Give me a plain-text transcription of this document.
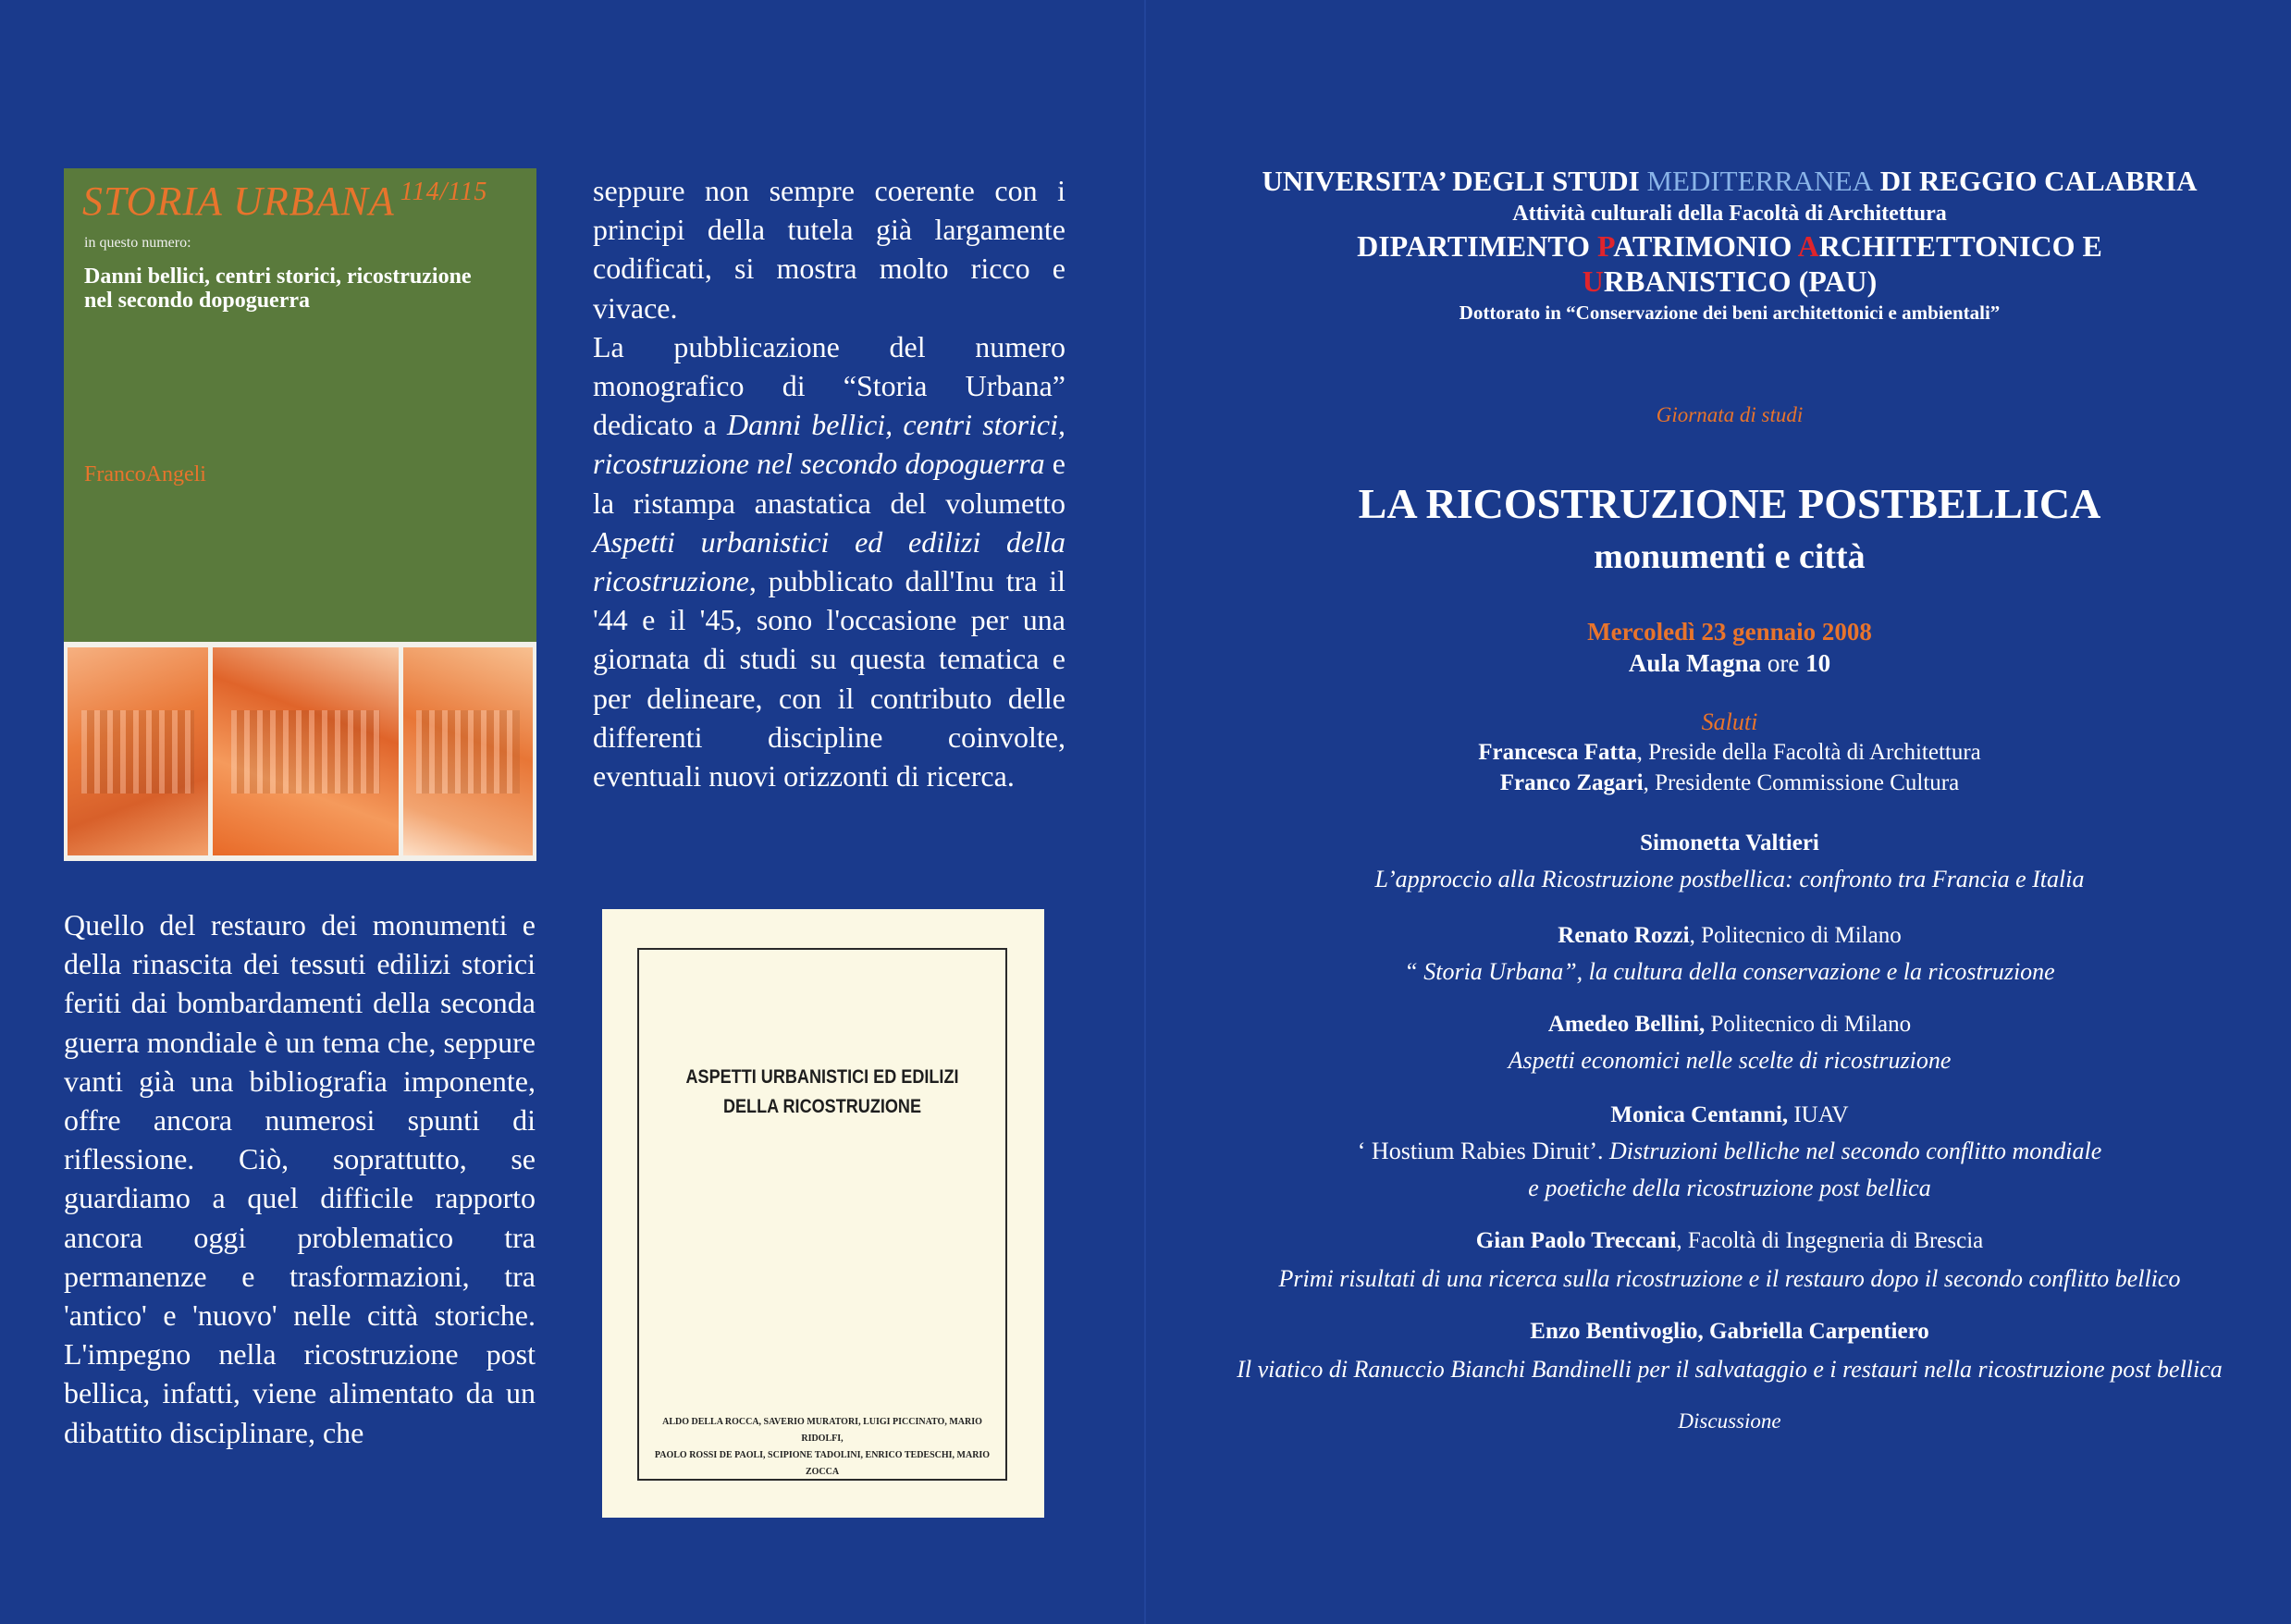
STORIA URBANA $^{114/115}$
in questo numero:
Danni bellici, centri storici, ricostruzione nel secondo dopoguerra
FrancoAngeli

seppure non sempre coerente con i principi della tutela già largamente codificati, si mostra molto ricco e vivace.

La pubblicazione del numero monografico di “Storia Urbana” dedicato a Danni bellici, centri storici, ricostruzione nel secondo dopoguerra e la ristampa anastatica del volumetto Aspetti urbanistici ed edilizi della ricostruzione, pubblicato dall'Inu tra il '44 e il '45, sono l'occasione per una giornata di studi su questa tematica e per delineare, con il contributo delle differenti discipline coinvolte, eventuali nuovi orizzonti di ricerca.

Quello del restauro dei monumenti e della rinascita dei tessuti edilizi storici feriti dai bombardamenti della seconda guerra mondiale è un tema che, seppure vanti già una bibliografia imponente, offre ancora numerosi spunti di riflessione. Ciò, soprattutto, se guardiamo a quel difficile rapporto ancora oggi problematico tra permanenze e trasformazioni, tra 'antico' e 'nuovo' nelle città storiche. L'impegno nella ricostruzione post bellica, infatti, viene alimentato da un dibattito disciplinare, che

ASPETTI URBANISTICI ED EDILIZI
DELLA RICOSTRUZIONE
ALDO DELLA ROCCA, SAVERIO MURATORI, LUIGI PICCINATO, MARIO RIDOLFI,
PAOLO ROSSI DE PAOLI, SCIPIONE TADOLINI, ENRICO TEDESCHI, MARIO ZOCCA
UNIVERSITA’ DEGLI STUDI MEDITERRANEA DI REGGIO CALABRIA
Attività culturali della Facoltà di Architettura
DIPARTIMENTO PATRIMONIO ARCHITETTONICO E
URBANISTICO (PAU)
Dottorato in “Conservazione dei beni architettonici e ambientali”
Giornata di studi
LA RICOSTRUZIONE POSTBELLICA
monumenti e città
Mercoledì 23 gennaio 2008
Aula Magna ore 10
Saluti
Francesca Fatta, Preside della Facoltà di Architettura
Franco Zagari, Presidente Commissione Cultura
Simonetta Valtieri
L’approccio alla Ricostruzione postbellica: confronto tra Francia e Italia
Renato Rozzi, Politecnico di Milano
“ Storia Urbana”, la cultura della conservazione e la ricostruzione
Amedeo Bellini, Politecnico di Milano
Aspetti economici nelle scelte di ricostruzione
Monica Centanni, IUAV
‘ Hostium Rabies Diruit’. Distruzioni belliche nel secondo conflitto mondiale
e poetiche della ricostruzione post bellica
Gian Paolo Treccani, Facoltà di Ingegneria di Brescia
Primi risultati di una ricerca sulla ricostruzione e il restauro dopo il secondo conflitto bellico
Enzo Bentivoglio, Gabriella Carpentiero
Il viatico di Ranuccio Bianchi Bandinelli per il salvataggio e i restauri nella ricostruzione post bellica
Discussione
